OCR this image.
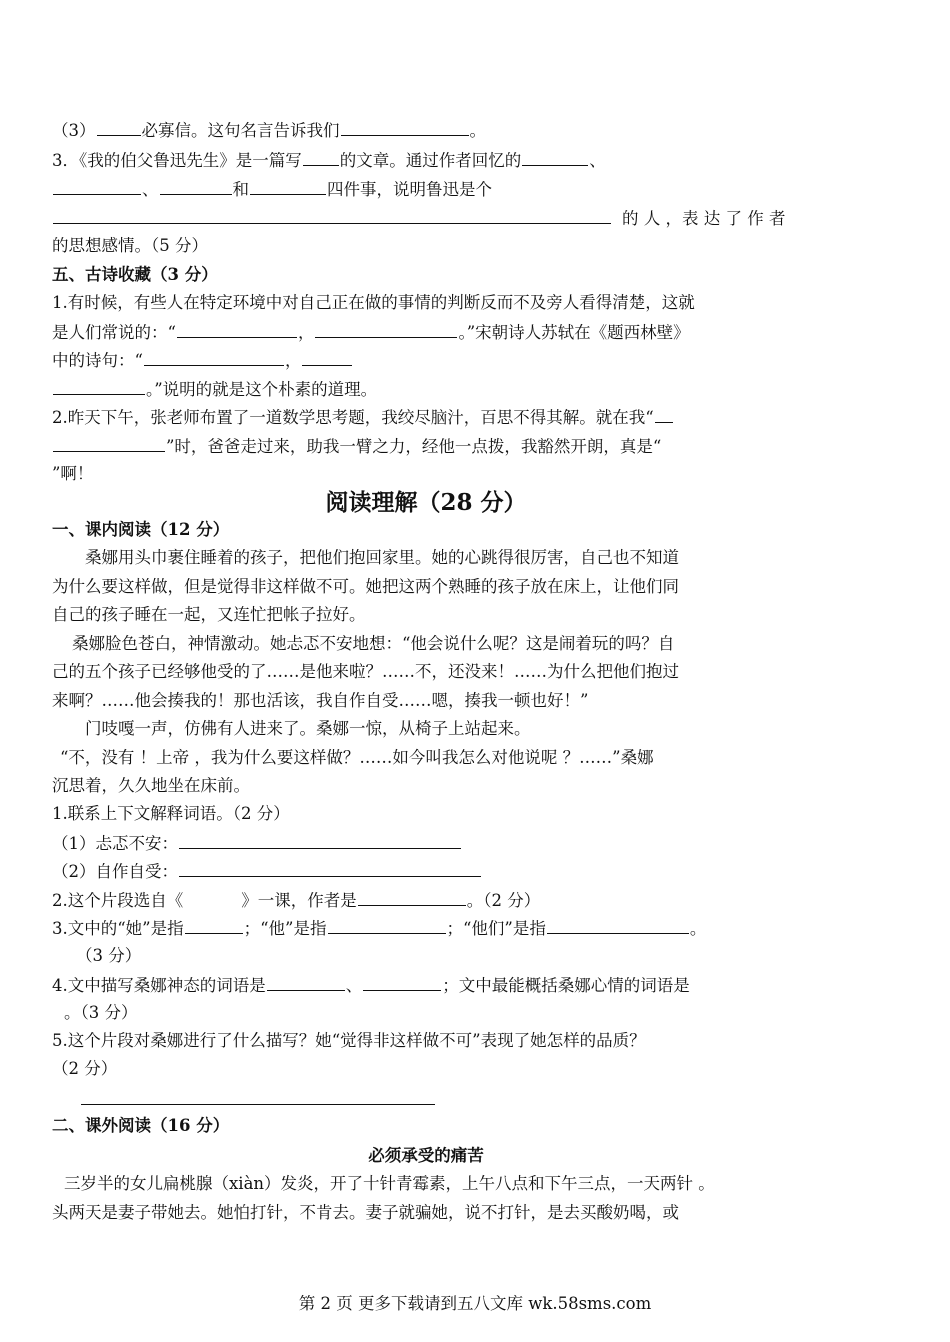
（3）	必寡信。这句名言告诉我们	。
3．《我的伯父鲁迅先生》是一篇写 的文章。通过作者回忆的	、
、	和	四件事，说明鲁迅是个
的 人 ，表 达 了 作 者
的思想感情。（5 分）
五、古诗收藏（3 分）
1.有时候，有些人在特定环境中对自己正在做的事情的判断反而不及旁人看得清楚，这就
是人们常说的：“	，	。”宋朝诗人苏轼在《题西林壁》
中的诗句：“	，
。”说明的就是这个朴素的道理。
2.昨天下午，张老师布置了一道数学思考题，我绞尽脑汁，百思不得其解。就在我“
”时，爸爸走过来，助我一臂之力，经他一点拨，我豁然开朗，真是“
”啊！
阅读理解（28 分）
一、课内阅读（12 分）
桑娜用头巾裹住睡着的孩子，把他们抱回家里。她的心跳得很厉害，自己也不知道
为什么要这样做，但是觉得非这样做不可。她把这两个熟睡的孩子放在床上，让他们同
自己的孩子睡在一起，又连忙把帐子拉好。
桑娜脸色苍白，神情激动。她忐忑不安地想：“他会说什么呢？这是闹着玩的吗？自
己的五个孩子已经够他受的了……是他来啦？……不，还没来！……为什么把他们抱过
来啊？……他会揍我的！那也活该，我自作自受……嗯，揍我一顿也好！”
门吱嘎一声，仿佛有人进来了。桑娜一惊，从椅子上站起来。
“不，没有 ！上帝 ，我为什么要这样做？……如今叫我怎么对他说呢 ？……”桑娜
沉思着，久久地坐在床前。
1.联系上下文解释词语。（2 分）
（1）忐忑不安：
（2）自作自受：
2.这个片段选自《	》一课，作者是	。（2 分）
3.文中的“她”是指	；“他”是指	；“他们”是指	。
（3 分）
4.文中描写桑娜神态的词语是	、	；文中最能概括桑娜心情的词语是
。（3 分）
5.这个片段对桑娜进行了什么描写？她“觉得非这样做不可”表现了她怎样的品质？
（2 分）
二、课外阅读（16 分）
必须承受的痛苦
三岁半的女儿扁桃腺（xiàn）发炎，开了十针青霉素，上午八点和下午三点，一天两针 。
头两天是妻子带她去。她怕打针，不肯去。妻子就骗她，说不打针，是去买酸奶喝，或
第 2 页 更多下载请到五八文库 wk.58sms.com
